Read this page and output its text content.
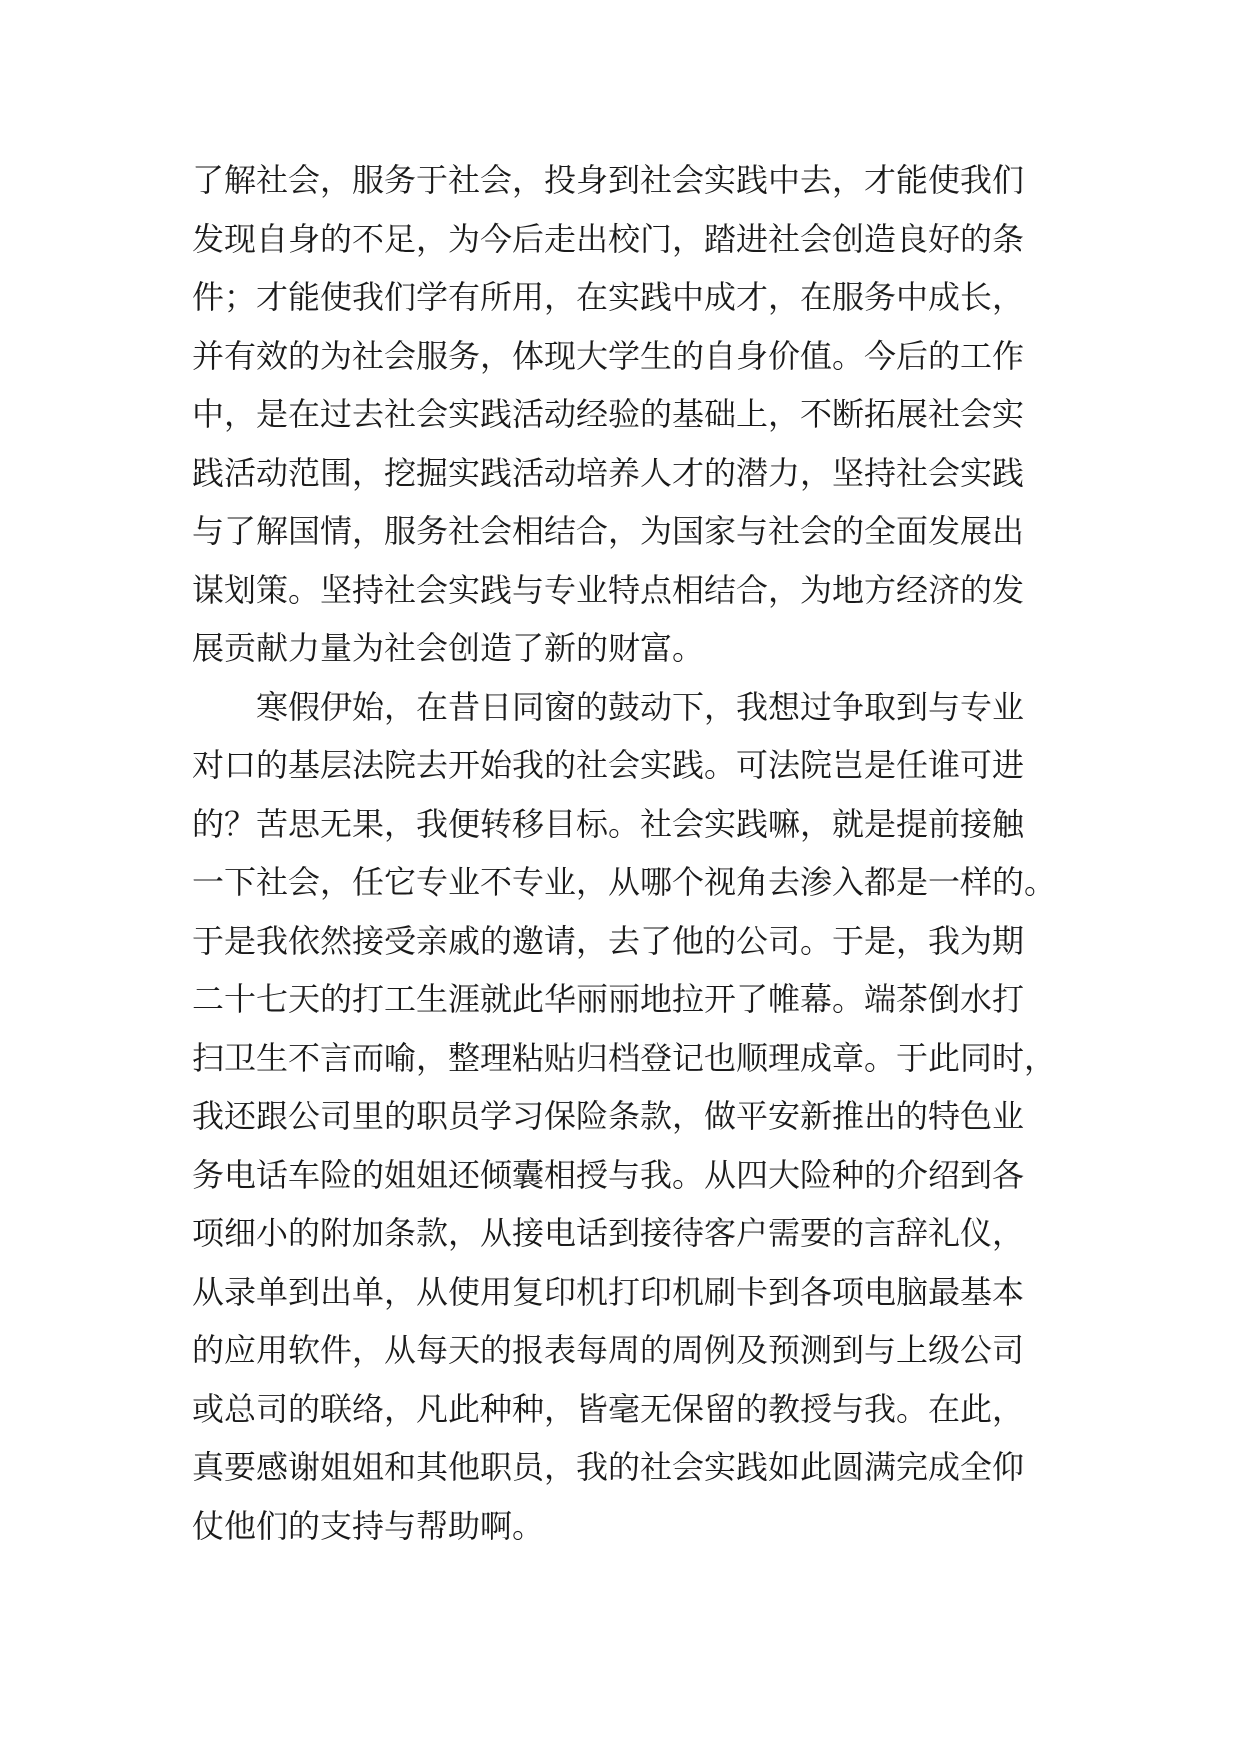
了解社会，服务于社会，投身到社会实践中去，才能使我们
发现自身的不足，为今后走出校门，踏进社会创造良好的条
件；才能使我们学有所用，在实践中成才，在服务中成长，
并有效的为社会服务，体现大学生的自身价值。今后的工作
中，是在过去社会实践活动经验的基础上，不断拓展社会实
践活动范围，挖掘实践活动培养人才的潜力，坚持社会实践
与了解国情，服务社会相结合，为国家与社会的全面发展出
谋划策。坚持社会实践与专业特点相结合，为地方经济的发
展贡献力量为社会创造了新的财富。
　　寒假伊始，在昔日同窗的鼓动下，我想过争取到与专业
对口的基层法院去开始我的社会实践。可法院岂是任谁可进
的？苦思无果，我便转移目标。社会实践嘛，就是提前接触
一下社会，任它专业不专业，从哪个视角去渗入都是一样的。
于是我依然接受亲戚的邀请，去了他的公司。于是，我为期
二十七天的打工生涯就此华丽丽地拉开了帷幕。端茶倒水打
扫卫生不言而喻，整理粘贴归档登记也顺理成章。于此同时，
我还跟公司里的职员学习保险条款，做平安新推出的特色业
务电话车险的姐姐还倾囊相授与我。从四大险种的介绍到各
项细小的附加条款，从接电话到接待客户需要的言辞礼仪，
从录单到出单，从使用复印机打印机刷卡到各项电脑最基本
的应用软件，从每天的报表每周的周例及预测到与上级公司
或总司的联络，凡此种种，皆毫无保留的教授与我。在此，
真要感谢姐姐和其他职员，我的社会实践如此圆满完成全仰
仗他们的支持与帮助啊。
